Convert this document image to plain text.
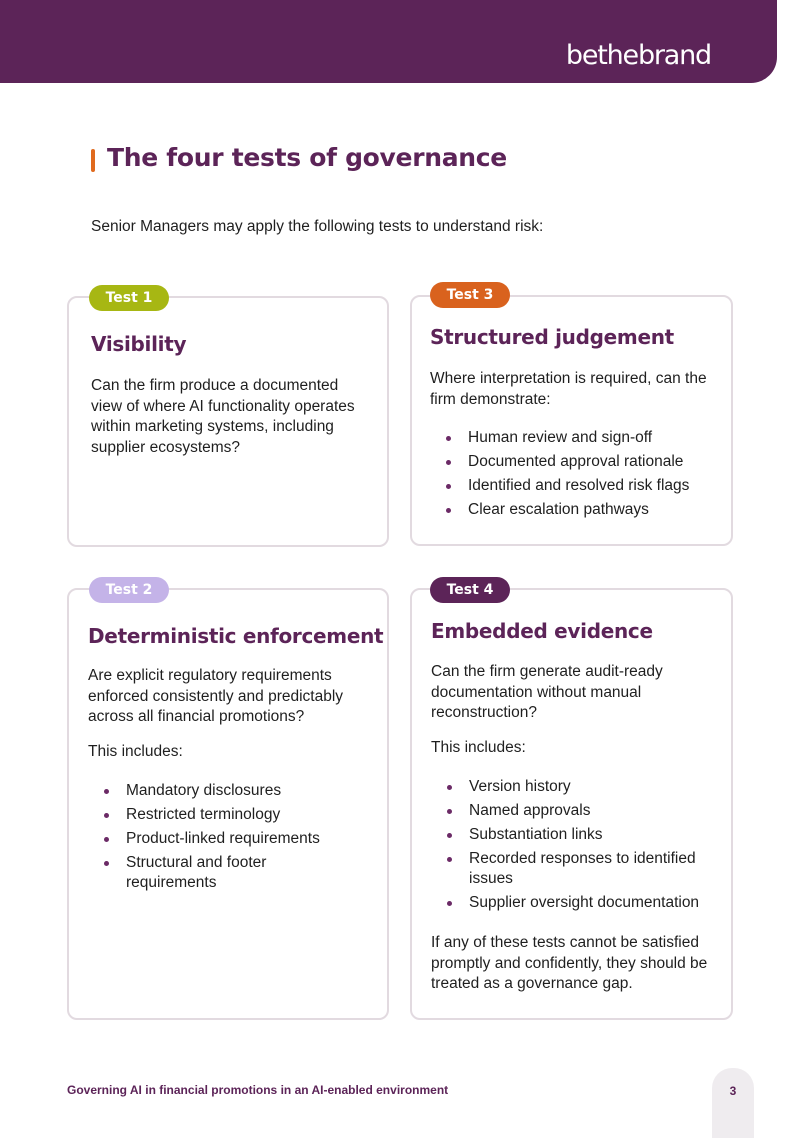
bethebrand
The four tests of governance

Senior Managers may apply the following tests to understand risk:

Visibility

Can the firm produce a documented view of where AI functionality operates within marketing systems, including supplier ecosystems?

Test 1
Structured judgement

Where interpretation is required, can the firm demonstrate:

Human review and sign-off
Documented approval rationale
Identified and resolved risk flags
Clear escalation pathways
Test 3
Deterministic enforcement

Are explicit regulatory requirements enforced consistently and predictably across all financial promotions?

This includes:

Mandatory disclosures
Restricted terminology
Product-linked requirements
Structural and footer requirements
Test 2
Embedded evidence

Can the firm generate audit-ready documentation without manual reconstruction?

This includes:

Version history
Named approvals
Substantiation links
Recorded responses to identified issues
Supplier oversight documentation

If any of these tests cannot be satisfied promptly and confidently, they should be treated as a governance gap.

Test 4

Governing AI in financial promotions in an AI-enabled environment	3
